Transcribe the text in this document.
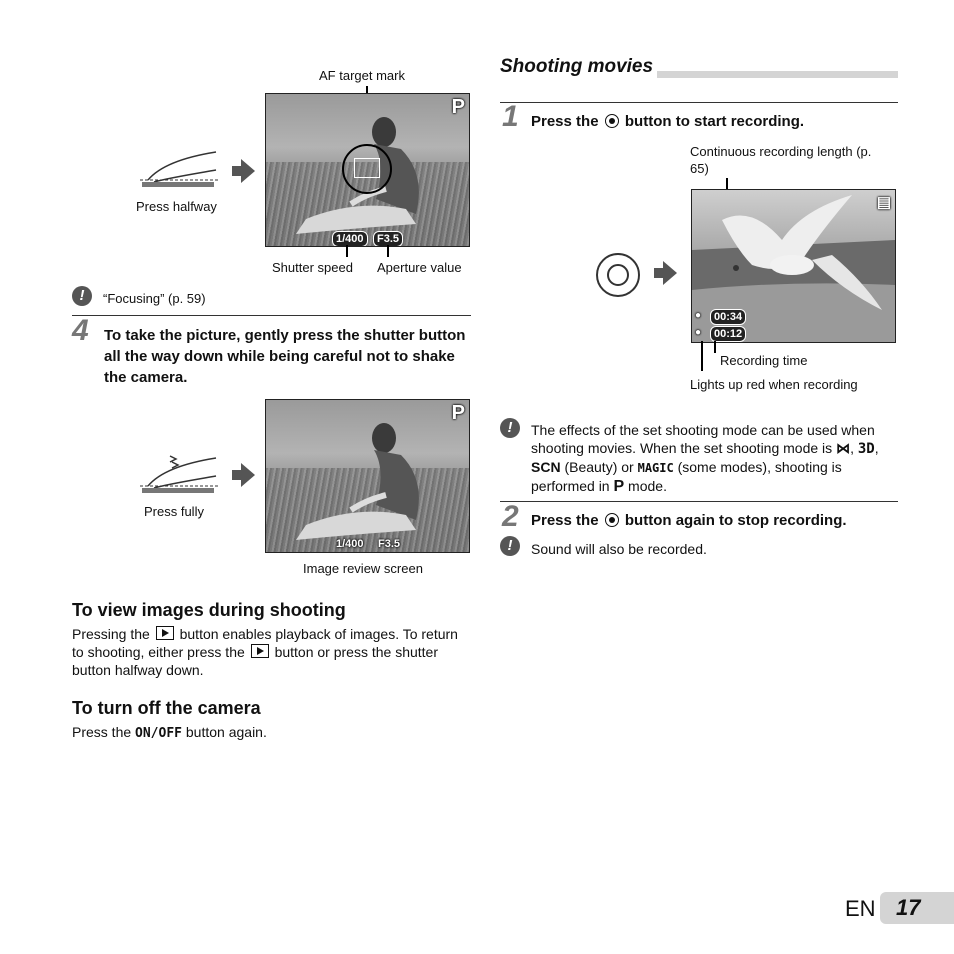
AF target mark
Press halfway
P
1/400	F3.5
Shutter speed Aperture value
!	“Focusing” (p. 59)
4 To take the picture, gently press the shutter button all the way down while being careful not to shake the camera.
Press fully
P
1/400 F3.5
Image review screen
To view images during shooting
Pressing the button enables playback of images. To return to shooting, either press the button or press the shutter button halfway down.
To turn off the camera
Press the ON/OFF button again.
Shooting movies
1 Press the button to start recording.
Continuous recording length (p. 65)
▤
00:34
00:12
●
●
Recording time
Lights up red when recording
!	The effects of the set shooting mode can be used when shooting movies. When the set shooting mode is ⋈, 3D, SCN (Beauty) or MAGIC (some modes), shooting is performed in P mode.
2 Press the button again to stop recording.
!	Sound will also be recorded.
EN 17
